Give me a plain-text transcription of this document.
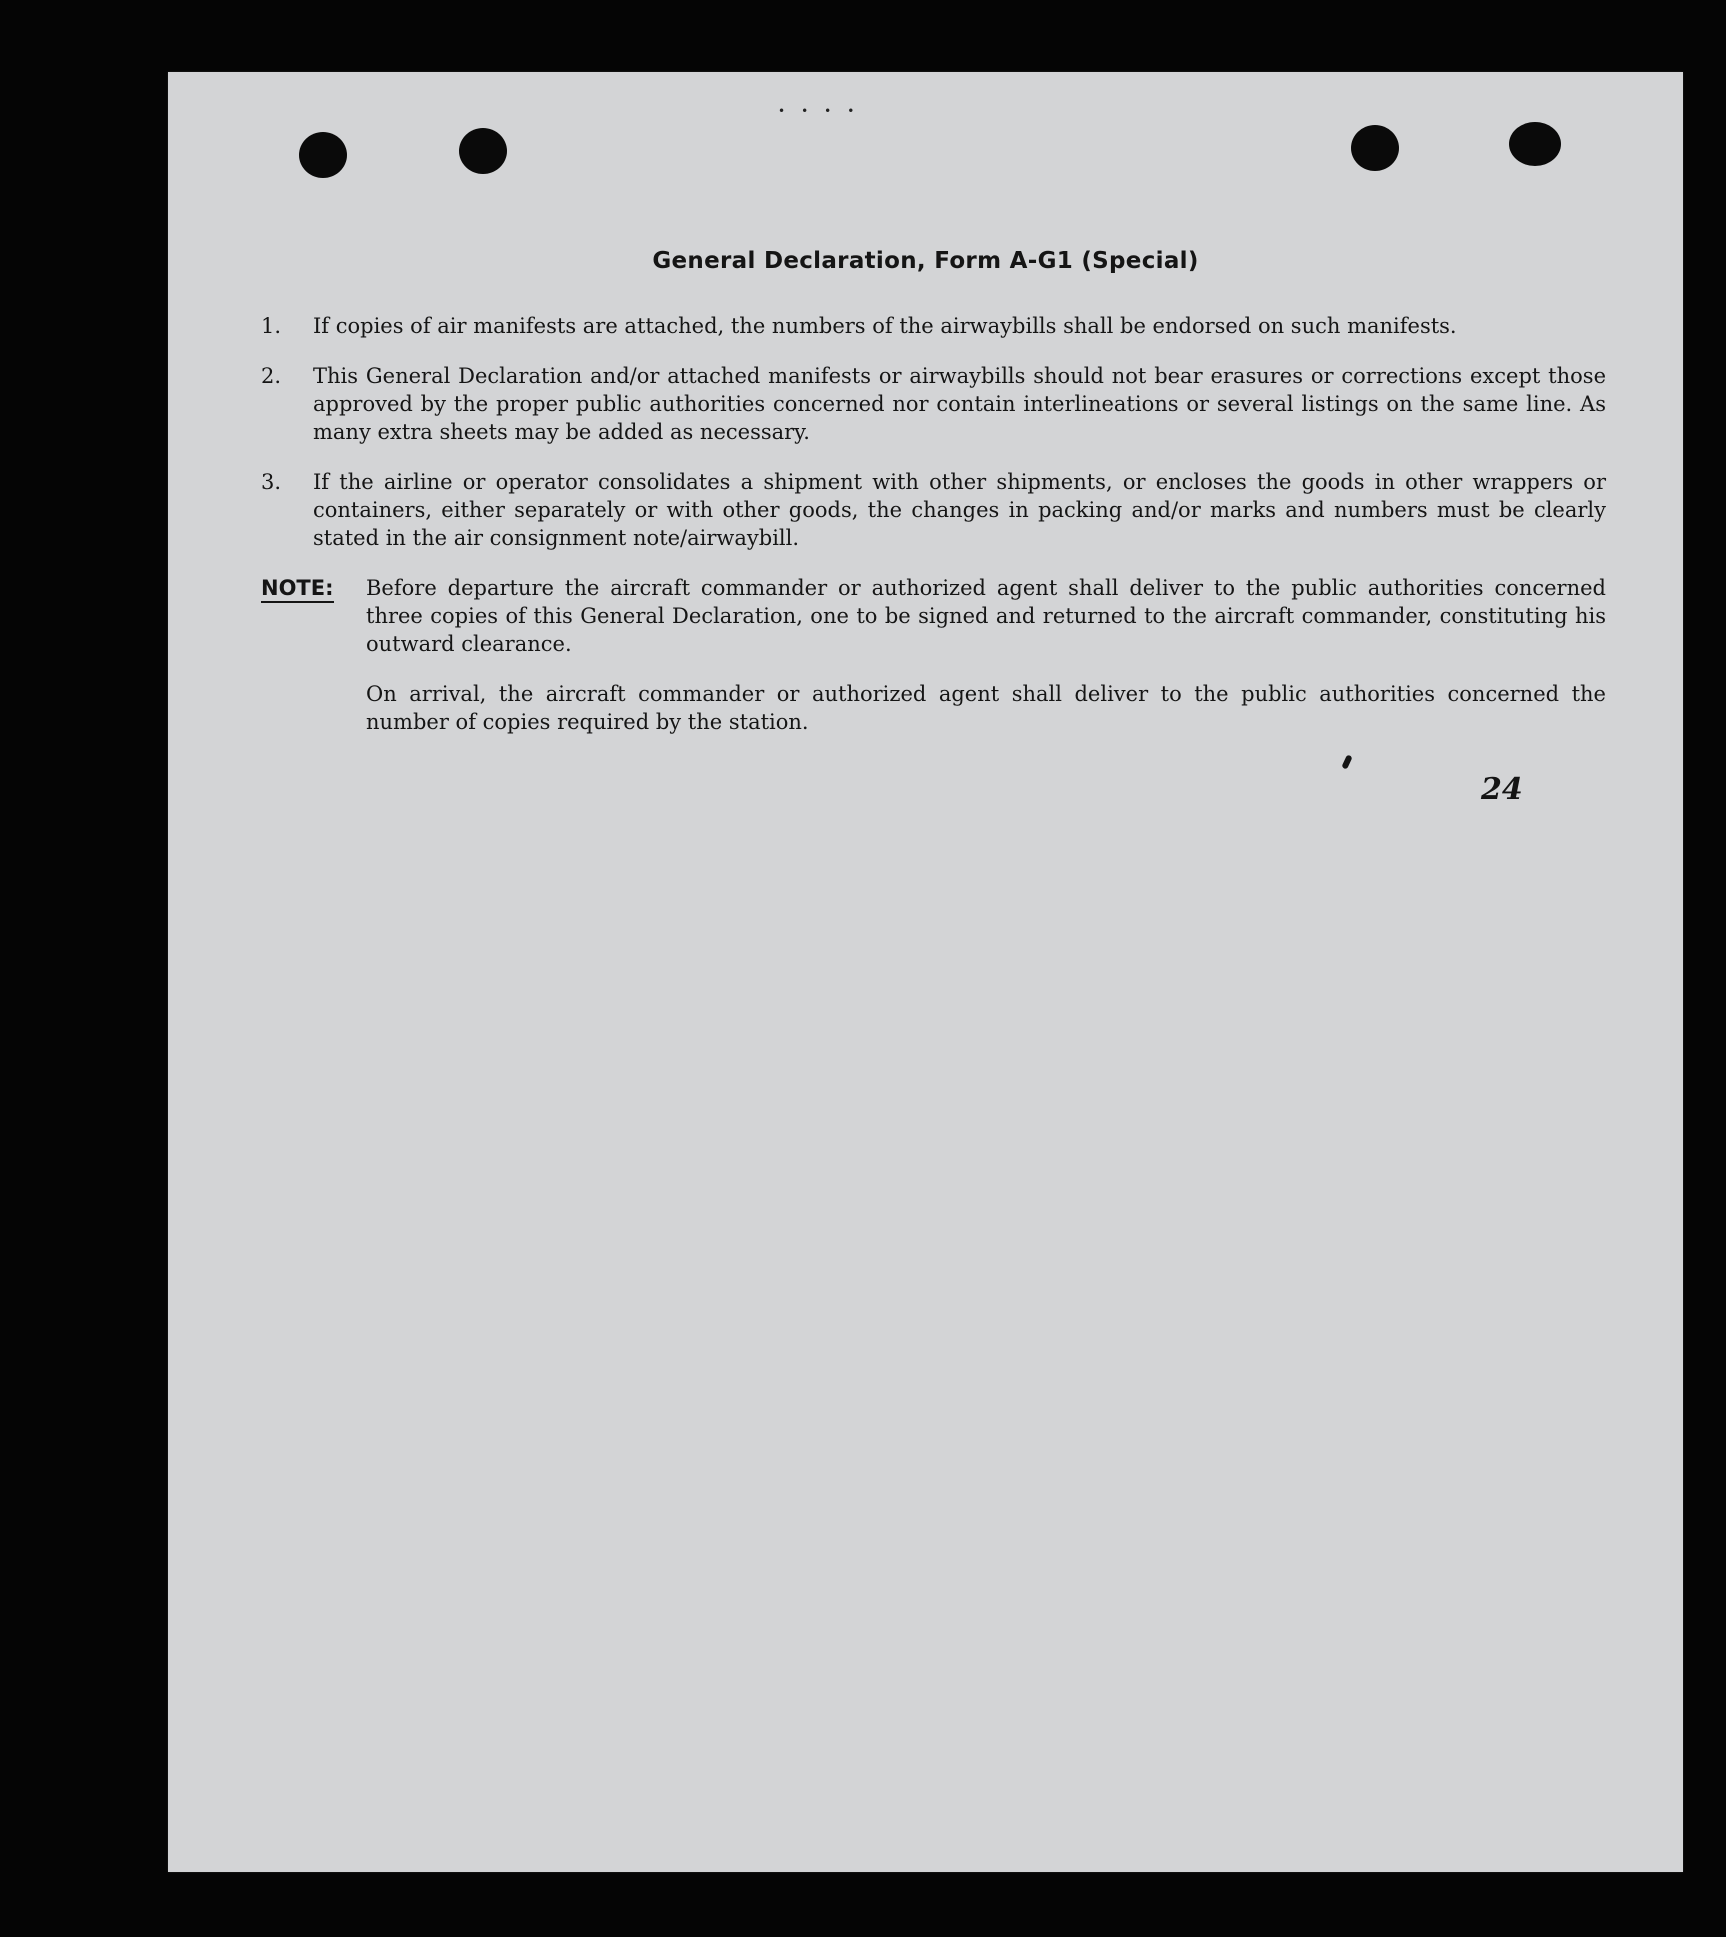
••••
General Declaration, Form A-G1 (Special)
1.	If copies of air manifests are attached, the numbers of the airwaybills shall be endorsed on such manifests.
2.	This General Declaration and/or attached manifests or airwaybills should not bear erasures or corrections except those approved by the proper public authorities concerned nor contain interlineations or several listings on the same line. As many extra sheets may be added as necessary.
3.	If the airline or operator consolidates a shipment with other shipments, or encloses the goods in other wrappers or containers, either separately or with other goods, the changes in packing and/or marks and numbers must be clearly stated in the air consignment note/airwaybill.
NOTE:	Before departure the aircraft commander or authorized agent shall deliver to the public authorities concerned three copies of this General Declaration, one to be signed and returned to the aircraft commander, constituting his outward clearance.

On arrival, the aircraft commander or authorized agent shall deliver to the public authorities concerned the number of copies required by the station.

24
